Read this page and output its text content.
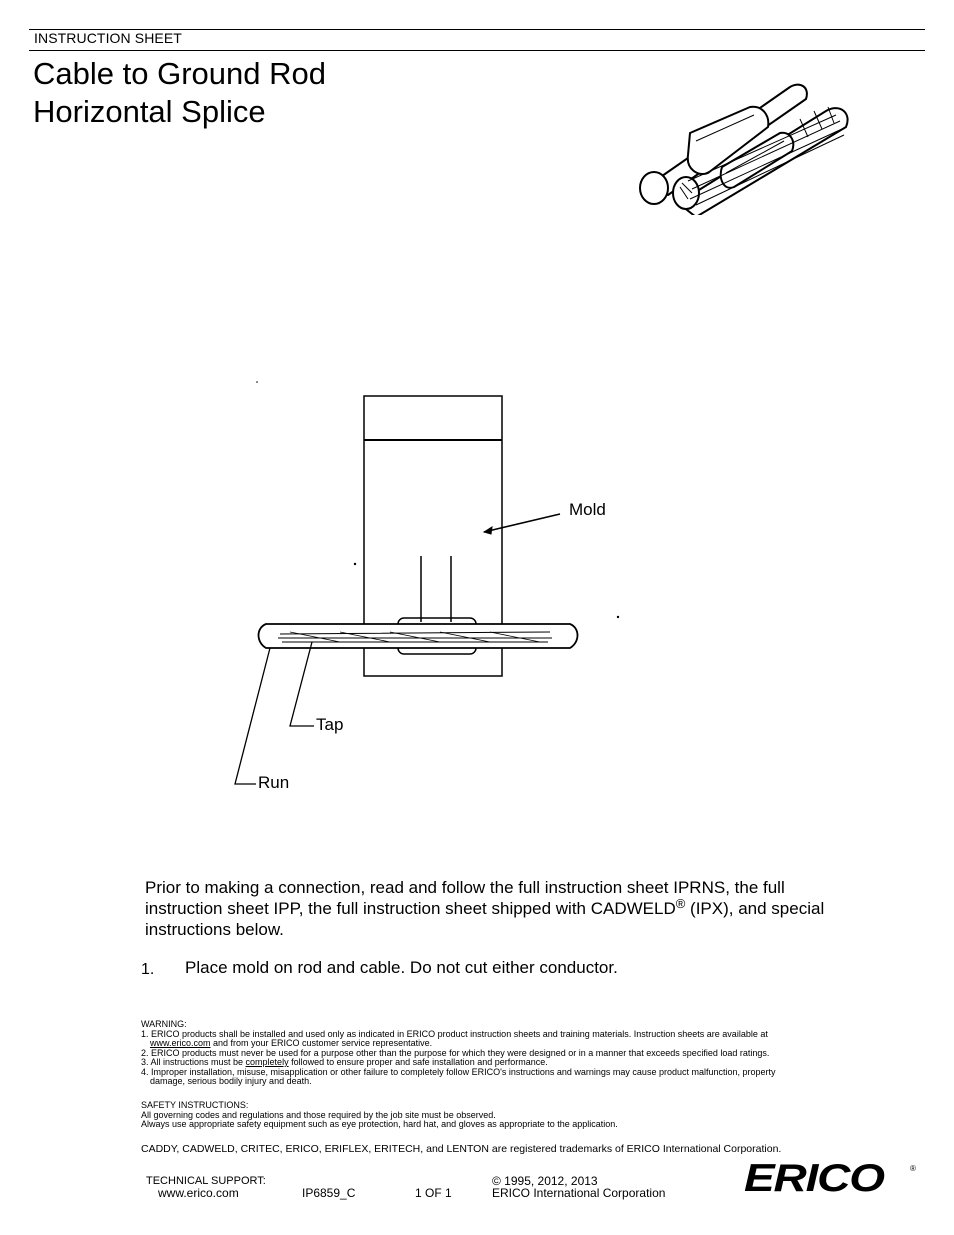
INSTRUCTION SHEET
Cable to Ground Rod
Horizontal Splice
Mold
Tap
Run
Prior to making a connection, read and follow the full instruction sheet IPRNS, the full instruction sheet IPP, the full instruction sheet shipped with CADWELD® (IPX), and special instructions below.
1. Place mold on rod and cable. Do not cut either conductor.
WARNING:
1. ERICO products shall be installed and used only as indicated in ERICO product instruction sheets and training materials. Instruction sheets are available at
www.erico.com and from your ERICO customer service representative.
2. ERICO products must never be used for a purpose other than the purpose for which they were designed or in a manner that exceeds specified load ratings.
3. All instructions must be completely followed to ensure proper and safe installation and performance.
4. Improper installation, misuse, misapplication or other failure to completely follow ERICO's instructions and warnings may cause product malfunction, property
damage, serious bodily injury and death.
SAFETY INSTRUCTIONS:
All governing codes and regulations and those required by the job site must be observed.
Always use appropriate safety equipment such as eye protection, hard hat, and gloves as appropriate to the application.
CADDY, CADWELD, CRITEC, ERICO, ERIFLEX, ERITECH, and LENTON are registered trademarks of ERICO International Corporation.
TECHNICAL SUPPORT:
www.erico.com	IP6859_C	1 OF 1
© 1995, 2012, 2013
ERICO International Corporation ERICO	®
